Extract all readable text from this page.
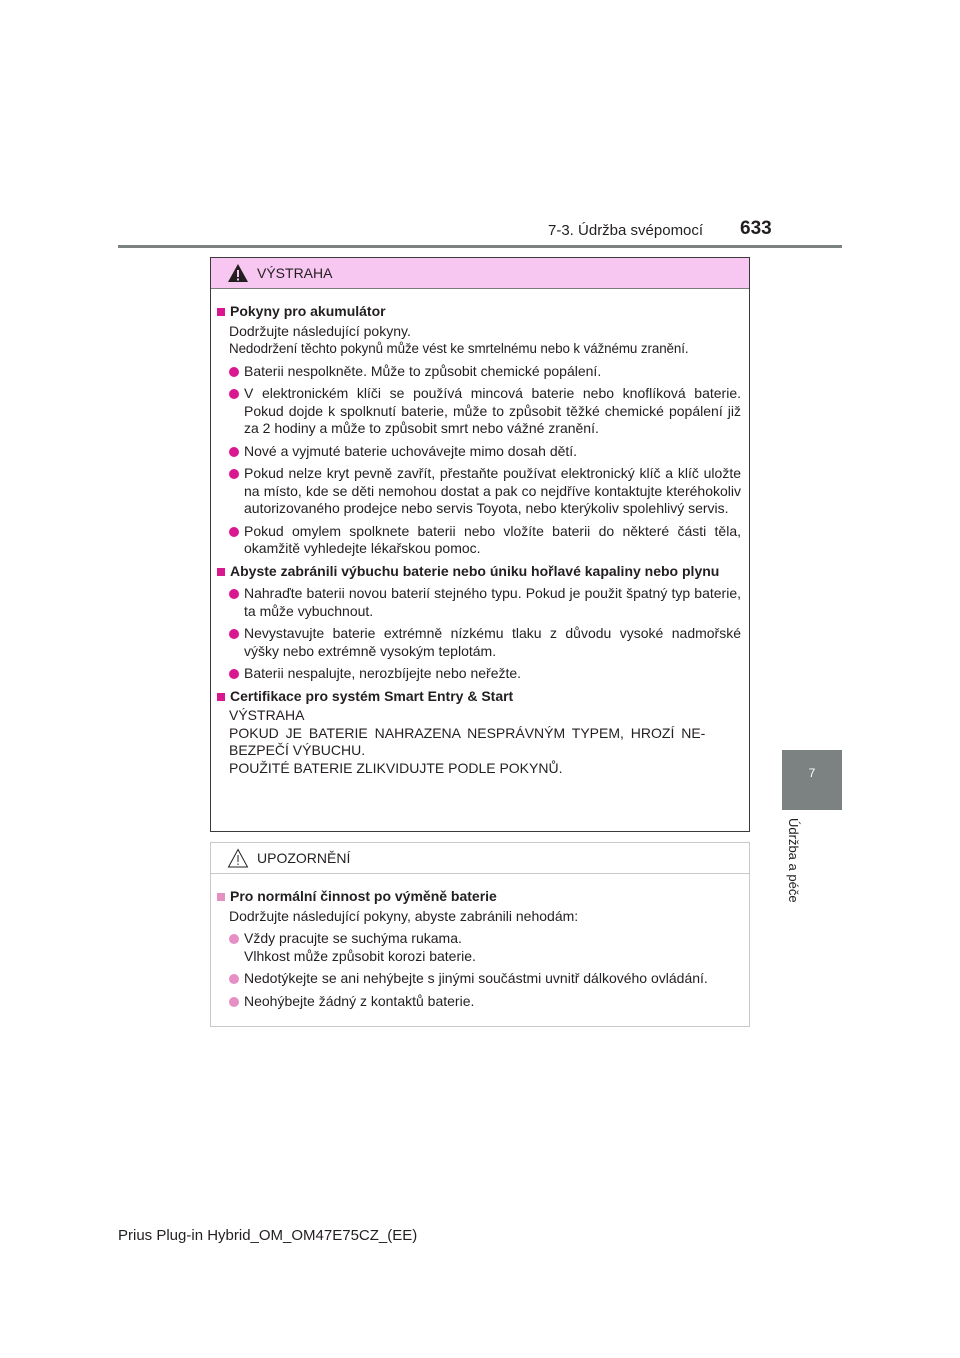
7-3. Údržba svépomocí 633
7
Údržba a péče
VÝSTRAHA
Pokyny pro akumulátor
Dodržujte následující pokyny.
Nedodržení těchto pokynů může vést ke smrtelnému nebo k vážnému zranění.
Baterii nespolkněte. Může to způsobit chemické popálení.
V elektronickém klíči se používá mincová baterie nebo knoflíková baterie. Pokud dojde k spolknutí baterie, může to způsobit těžké chemické popálení již za 2 hodiny a může to způsobit smrt nebo vážné zranění.
Nové a vyjmuté baterie uchovávejte mimo dosah dětí.
Pokud nelze kryt pevně zavřít, přestaňte používat elektronický klíč a klíč uložte na místo, kde se děti nemohou dostat a pak co nejdříve kontaktujte kteréhokoliv autorizovaného prodejce nebo servis Toyota, nebo kterýkoliv spolehlivý servis.
Pokud omylem spolknete baterii nebo vložíte baterii do některé části těla, okamžitě vyhledejte lékařskou pomoc.
Abyste zabránili výbuchu baterie nebo úniku hořlavé kapaliny nebo plynu
Nahraďte baterii novou baterií stejného typu. Pokud je použit špatný typ baterie, ta může vybuchnout.
Nevystavujte baterie extrémně nízkému tlaku z důvodu vysoké nadmořské výšky nebo extrémně vysokým teplotám.
Baterii nespalujte, nerozbíjejte nebo neřežte.
Certifikace pro systém Smart Entry & Start
VÝSTRAHA
POKUD JE BATERIE NAHRAZENA NESPRÁVNÝM TYPEM, HROZÍ NE-
BEZPEČÍ VÝBUCHU.
POUŽITÉ BATERIE ZLIKVIDUJTE PODLE POKYNŮ.
UPOZORNĚNÍ
Pro normální činnost po výměně baterie
Dodržujte následující pokyny, abyste zabránili nehodám:
Vždy pracujte se suchýma rukama.
Vlhkost může způsobit korozi baterie.
Nedotýkejte se ani nehýbejte s jinými součástmi uvnitř dálkového ovládání.
Neohýbejte žádný z kontaktů baterie.
Prius Plug-in Hybrid_OM_OM47E75CZ_(EE)
